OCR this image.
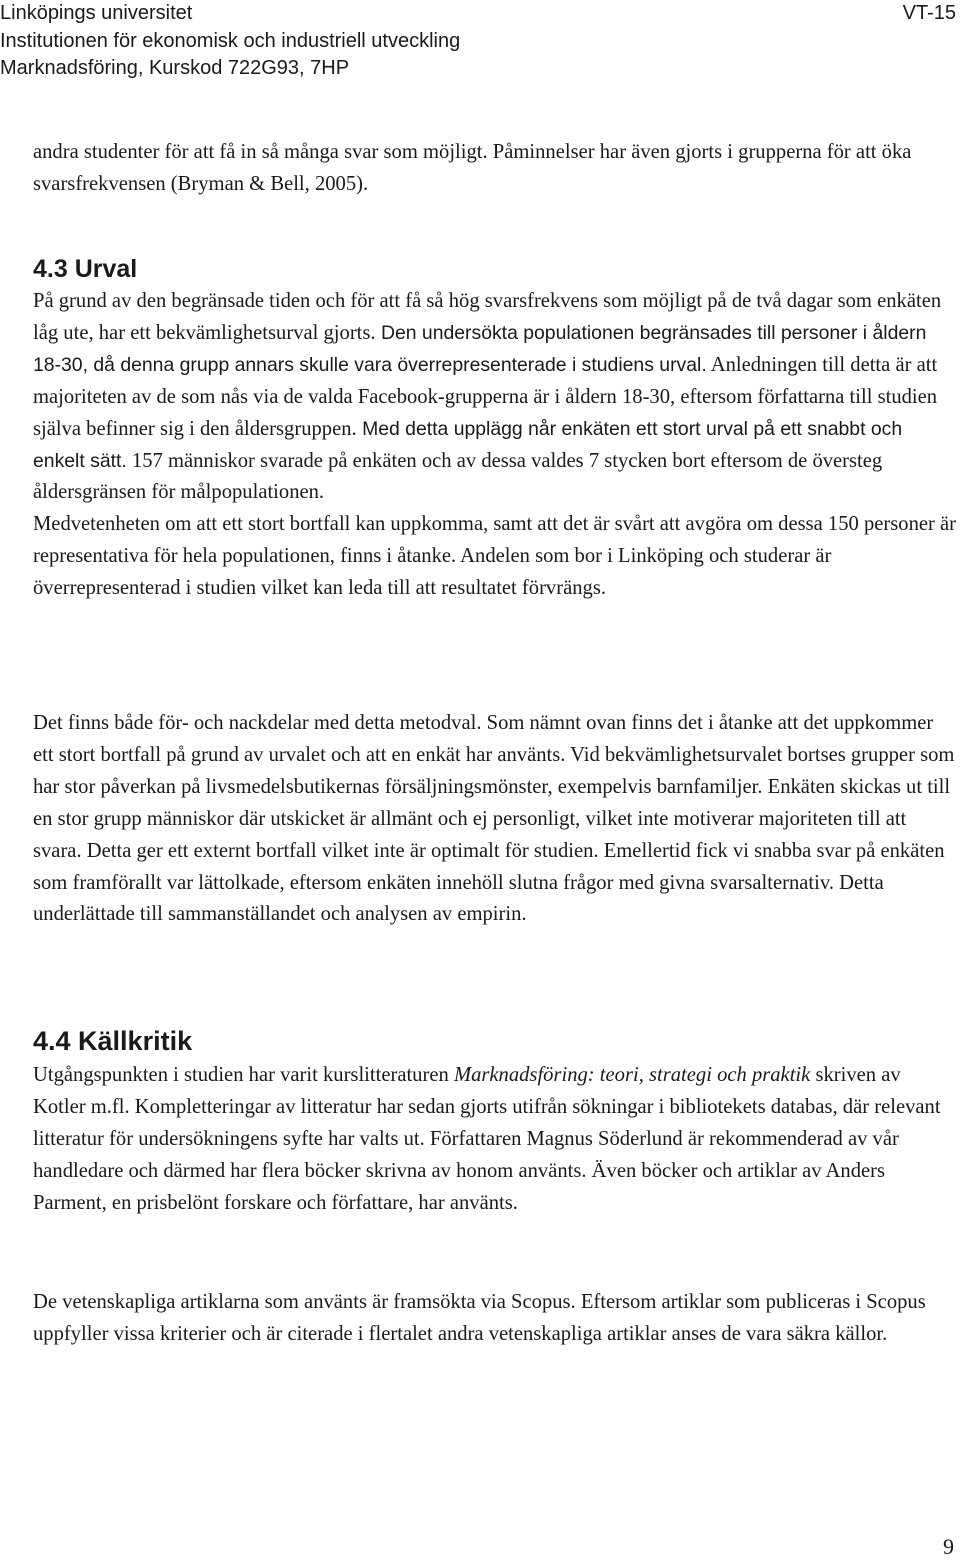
Linköpings universitet
Institutionen för ekonomisk och industriell utveckling
Marknadsföring, Kurskod 722G93, 7HP
VT-15

andra studenter för att få in så många svar som möjligt. Påminnelser har även gjorts i grupperna för att öka svarsfrekvensen (Bryman & Bell, 2005).

4.3 Urval

På grund av den begränsade tiden och för att få så hög svarsfrekvens som möjligt på de två dagar som enkäten låg ute, har ett bekvämlighetsurval gjorts. Den undersökta populationen begränsades till personer i åldern 18-30, då denna grupp annars skulle vara överrepresenterade i studiens urval. Anledningen till detta är att majoriteten av de som nås via de valda Facebook-grupperna är i åldern 18-30, eftersom författarna till studien själva befinner sig i den åldersgruppen. Med detta upplägg når enkäten ett stort urval på ett snabbt och enkelt sätt. 157 människor svarade på enkäten och av dessa valdes 7 stycken bort eftersom de översteg åldersgränsen för målpopulationen.

Medvetenheten om att ett stort bortfall kan uppkomma, samt att det är svårt att avgöra om dessa 150 personer är representativa för hela populationen, finns i åtanke. Andelen som bor i Linköping och studerar är överrepresenterad i studien vilket kan leda till att resultatet förvrängs.

Det finns både för- och nackdelar med detta metodval. Som nämnt ovan finns det i åtanke att det uppkommer ett stort bortfall på grund av urvalet och att en enkät har använts. Vid bekvämlighetsurvalet bortses grupper som har stor påverkan på livsmedelsbutikernas försäljningsmönster, exempelvis barnfamiljer. Enkäten skickas ut till en stor grupp människor där utskicket är allmänt och ej personligt, vilket inte motiverar majoriteten till att svara. Detta ger ett externt bortfall vilket inte är optimalt för studien. Emellertid fick vi snabba svar på enkäten som framförallt var lättolkade, eftersom enkäten innehöll slutna frågor med givna svarsalternativ. Detta underlättade till sammanställandet och analysen av empirin.

4.4 Källkritik

Utgångspunkten i studien har varit kurslitteraturen Marknadsföring: teori, strategi och praktik skriven av Kotler m.fl. Kompletteringar av litteratur har sedan gjorts utifrån sökningar i bibliotekets databas, där relevant litteratur för undersökningens syfte har valts ut. Författaren Magnus Söderlund är rekommenderad av vår handledare och därmed har flera böcker skrivna av honom använts. Även böcker och artiklar av Anders Parment, en prisbelönt forskare och författare, har använts.

De vetenskapliga artiklarna som använts är framsökta via Scopus. Eftersom artiklar som publiceras i Scopus uppfyller vissa kriterier och är citerade i flertalet andra vetenskapliga artiklar anses de vara säkra källor.

9
